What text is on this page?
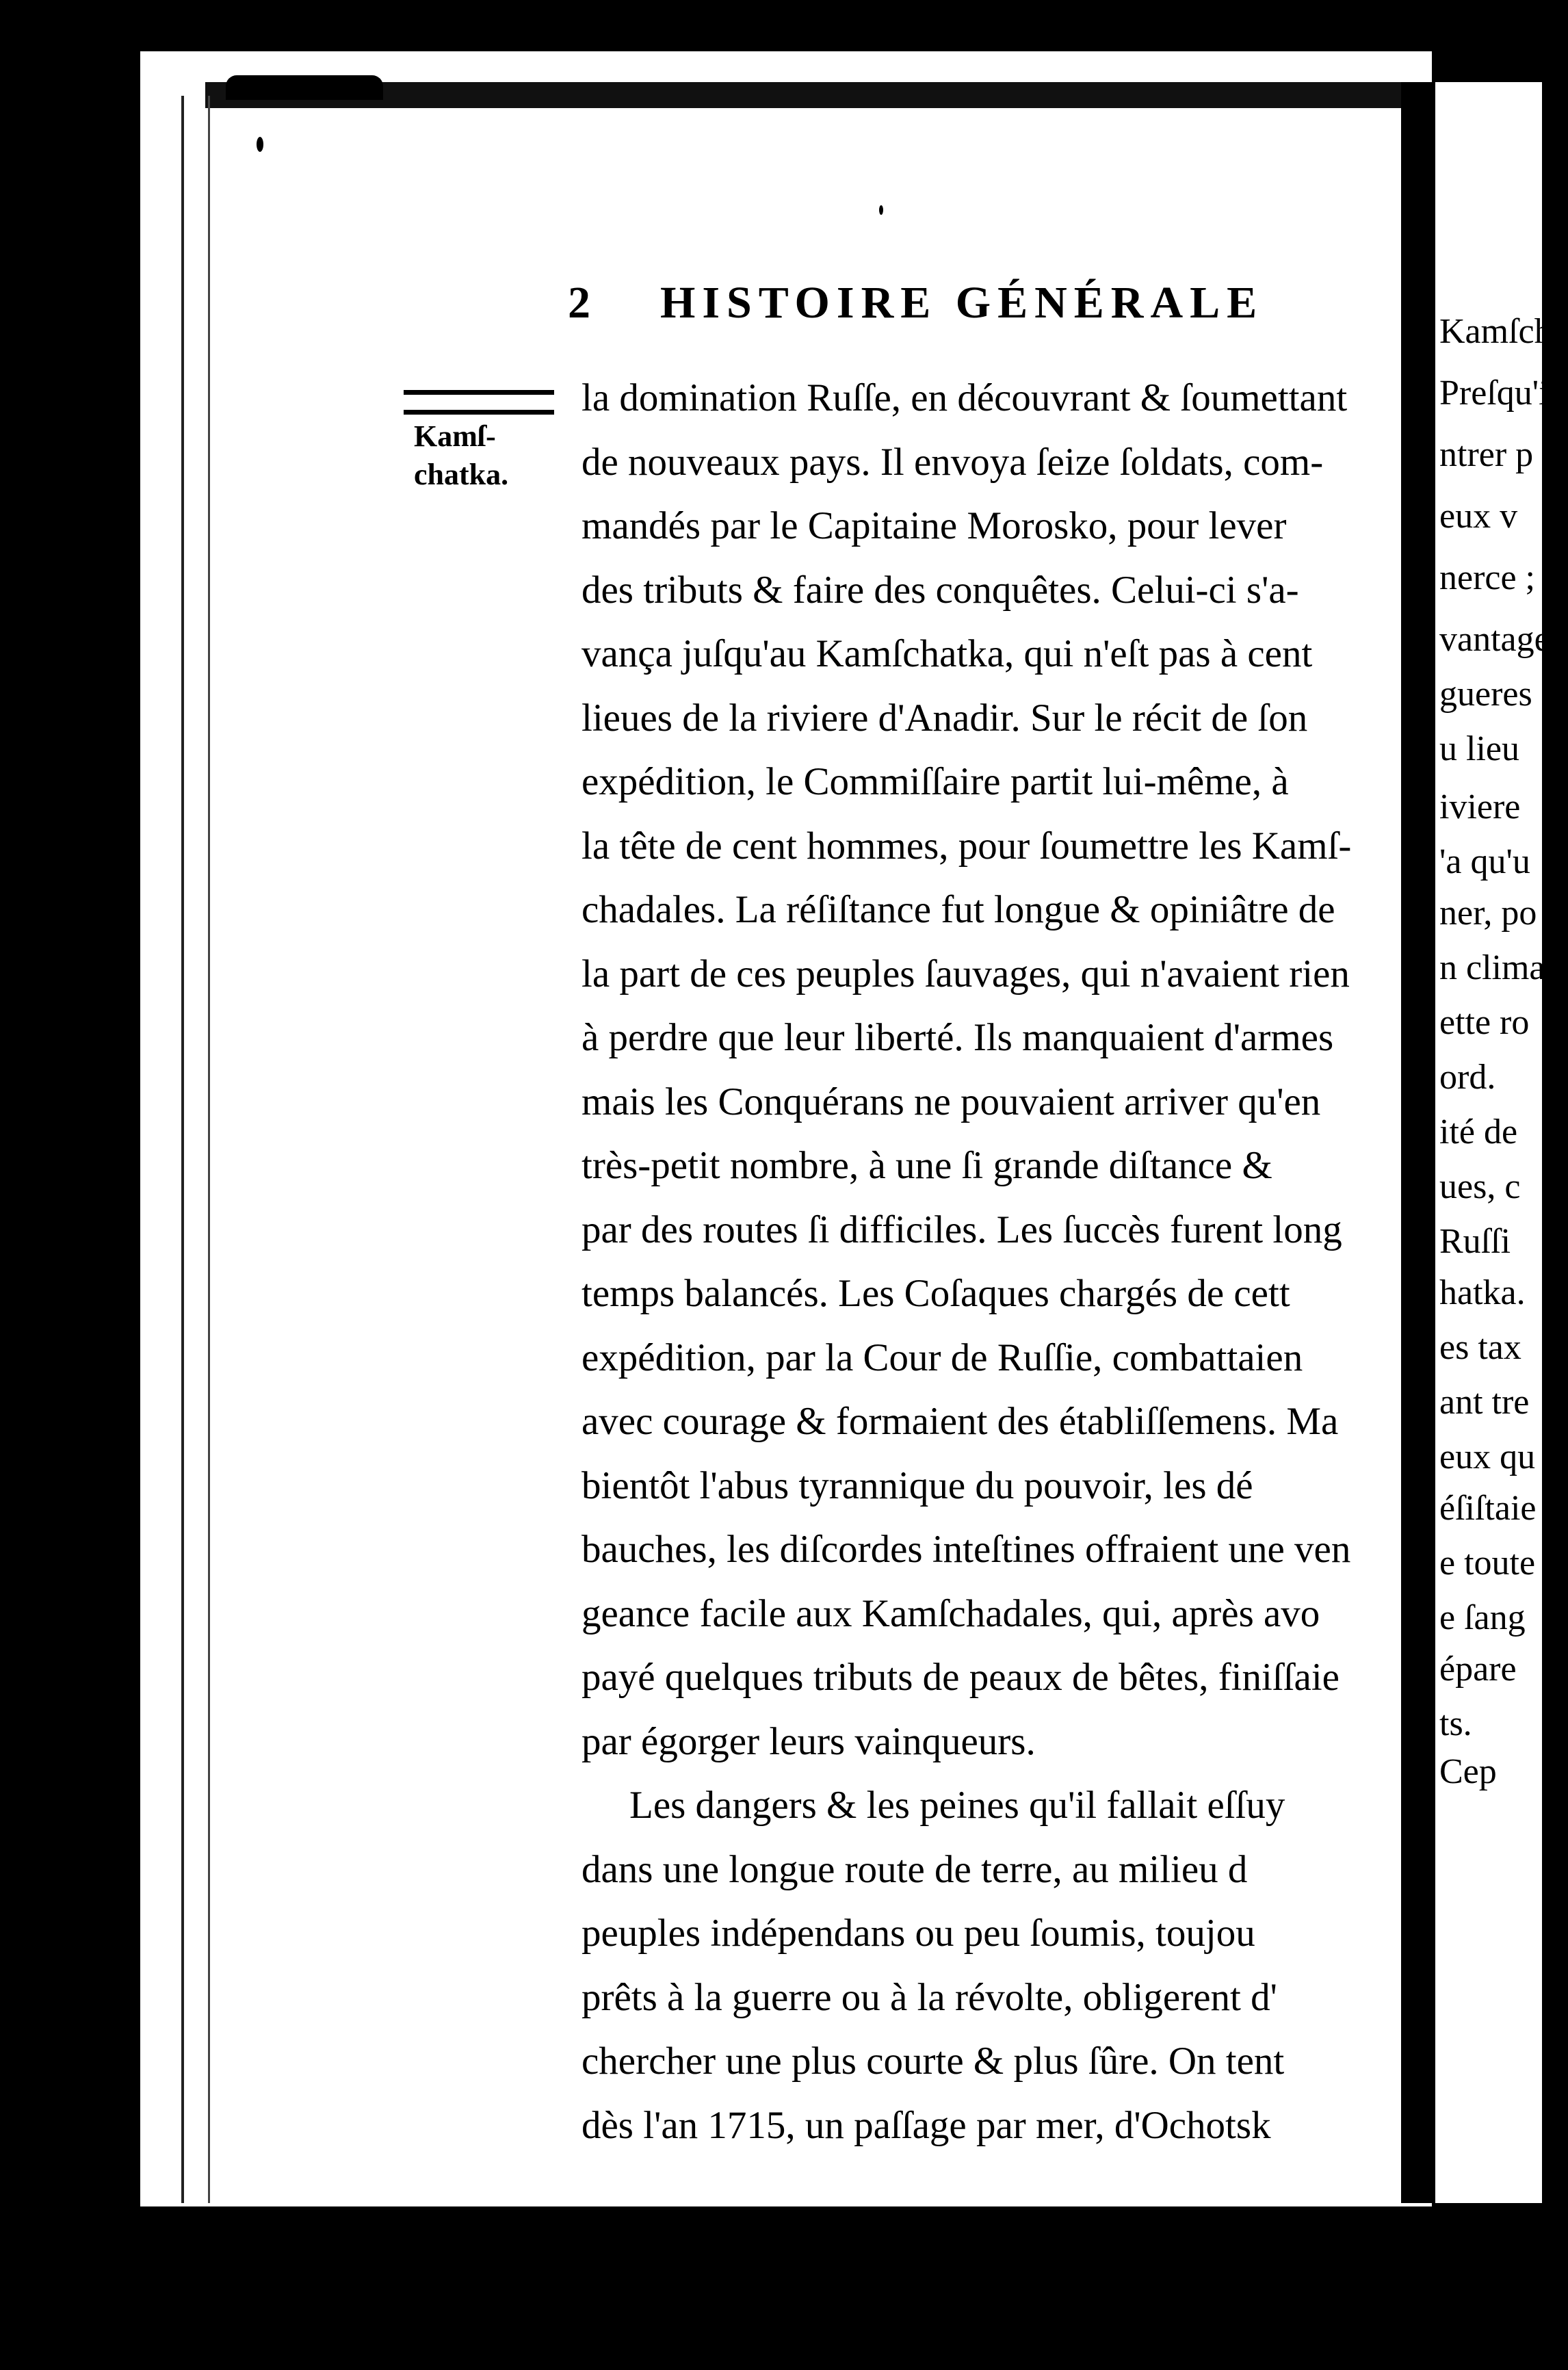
2 HISTOIRE GÉNÉRALE
Kamſ-
chatka.
la domination Ruſſe, en découvrant & ſoumettant
de nouveaux pays. Il envoya ſeize ſoldats, com-
mandés par le Capitaine Morosko, pour lever
des tributs & faire des conquêtes. Celui-ci s'a-
vança juſqu'au Kamſchatka, qui n'eſt pas à cent
lieues de la riviere d'Anadir. Sur le récit de ſon
expédition, le Commiſſaire partit lui-même, à
la tête de cent hommes, pour ſoumettre les Kamſ-
chadales. La réſiſtance fut longue & opiniâtre de
la part de ces peuples ſauvages, qui n'avaient rien
à perdre que leur liberté. Ils manquaient d'armes
mais les Conquérans ne pouvaient arriver qu'en
très-petit nombre, à une ſi grande diſtance &
par des routes ſi difficiles. Les ſuccès furent long
temps balancés. Les Coſaques chargés de cett
expédition, par la Cour de Ruſſie, combattaien
avec courage & formaient des établiſſemens. Ma
bientôt l'abus tyrannique du pouvoir, les dé
bauches, les diſcordes inteſtines offraient une ven
geance facile aux Kamſchadales, qui, après avo
payé quelques tributs de peaux de bêtes, finiſſaie
par égorger leurs vainqueurs.
Les dangers & les peines qu'il fallait eſſuy
dans une longue route de terre, au milieu d
peuples indépendans ou peu ſoumis, toujou
prêts à la guerre ou à la révolte, obligerent d'
chercher une plus courte & plus ſûre. On tent
dès l'an 1715, un paſſage par mer, d'Ochotsk
Kamſcha
Preſqu'i
ntrer p
eux v
nerce ;
vantage
gueres
u lieu
iviere
'a qu'u
ner, po
n clima
ette ro
ord.
ité de
ues, c
Ruſſi
hatka.
es tax
ant tre
eux qu
éſiſtaie
e toute
e ſang
épare
ts.
Cep
